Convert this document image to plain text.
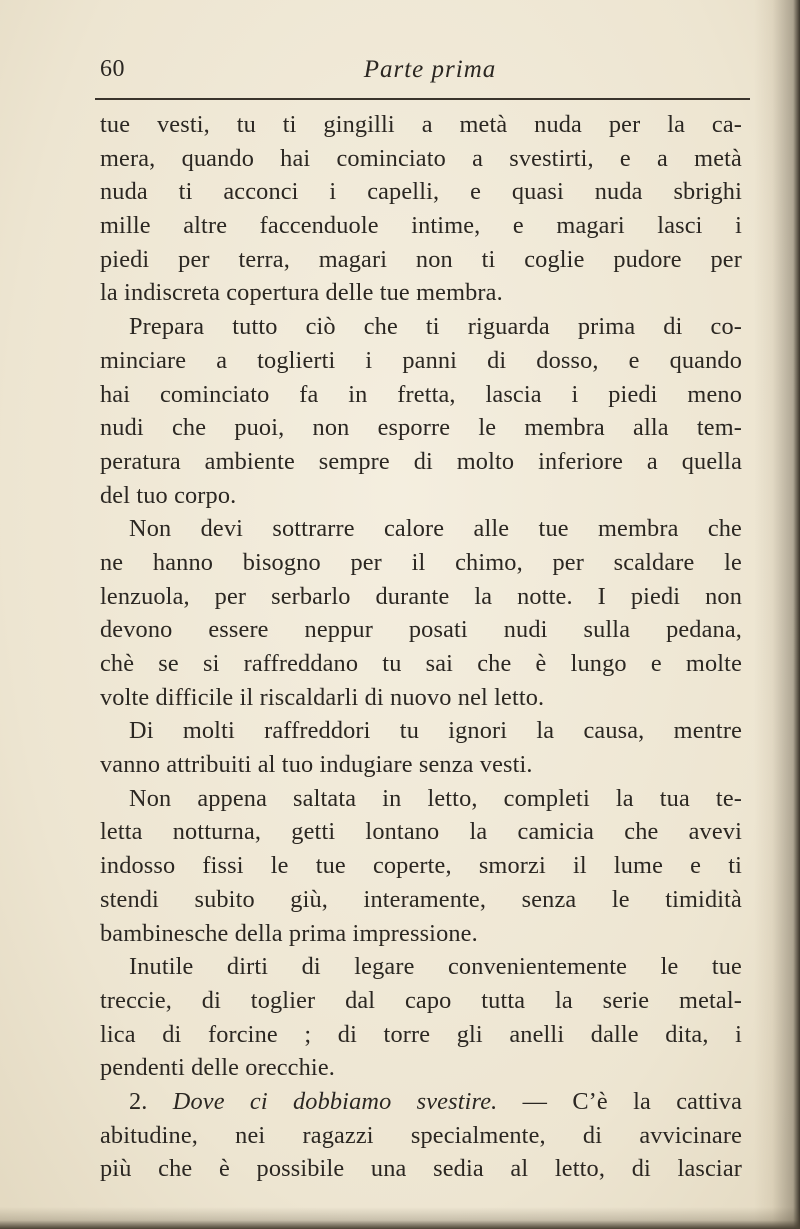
60	Parte prima
tue vesti, tu ti gingilli a metà nuda per la ca-
mera, quando hai cominciato a svestirti, e a metà
nuda ti acconci i capelli, e quasi nuda sbrighi
mille altre faccenduole intime, e magari lasci i
piedi per terra, magari non ti coglie pudore per
la indiscreta copertura delle tue membra.
Prepara tutto ciò che ti riguarda prima di co-
minciare a toglierti i panni di dosso, e quando
hai cominciato fa in fretta, lascia i piedi meno
nudi che puoi, non esporre le membra alla tem-
peratura ambiente sempre di molto inferiore a quella
del tuo corpo.
Non devi sottrarre calore alle tue membra che
ne hanno bisogno per il chimo, per scaldare le
lenzuola, per serbarlo durante la notte. I piedi non
devono essere neppur posati nudi sulla pedana,
chè se si raffreddano tu sai che è lungo e molte
volte difficile il riscaldarli di nuovo nel letto.
Di molti raffreddori tu ignori la causa, mentre
vanno attribuiti al tuo indugiare senza vesti.
Non appena saltata in letto, completi la tua te-
letta notturna, getti lontano la camicia che avevi
indosso fissi le tue coperte, smorzi il lume e ti
stendi subito giù, interamente, senza le timidità
bambinesche della prima impressione.
Inutile dirti di legare convenientemente le tue
treccie, di toglier dal capo tutta la serie metal-
lica di forcine ; di torre gli anelli dalle dita, i
pendenti delle orecchie.
2. Dove ci dobbiamo svestire. — C’è la cattiva
abitudine, nei ragazzi specialmente, di avvicinare
più che è possibile una sedia al letto, di lasciar
